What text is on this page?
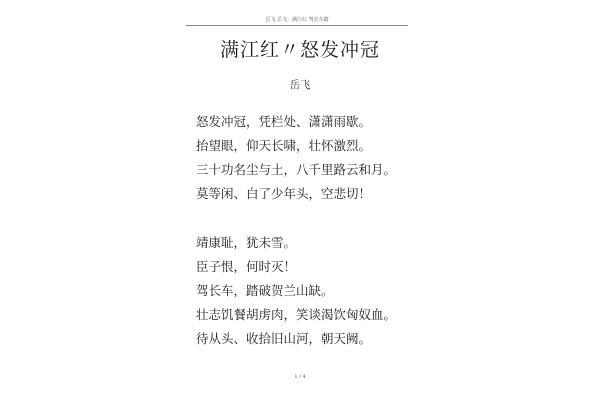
岳飞 岳飞：满江红 驾长车踏
满江红〃怒发冲冠
岳飞
怒发冲冠，凭栏处、潇潇雨歇。
抬望眼，仰天长啸，壮怀激烈。
三十功名尘与土，八千里路云和月。
莫等闲、白了少年头，空悲切！
靖康耻，犹未雪。
臣子恨，何时灭！
驾长车，踏破贺兰山缺。
壮志饥餐胡虏肉，笑谈渴饮匈奴血。
待从头、收拾旧山河，朝天阙。
1 / 4
